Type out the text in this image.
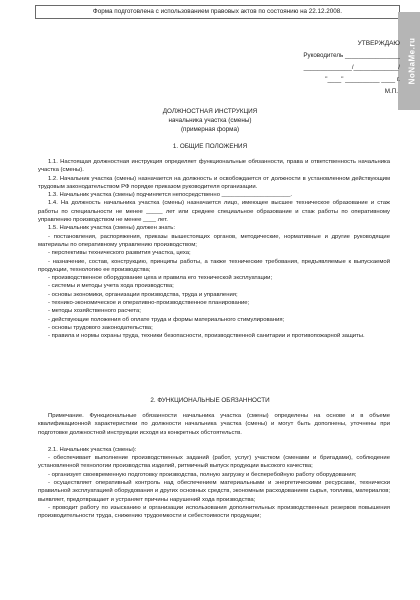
Форма подготовлена с использованием правовых актов по состоянию на 22.12.2008.
NoNaMe.ru
УТВЕРЖДАЮ
Руководитель ________________
______________/_____________/
"____" __________ ____ г.
М.П.
ДОЛЖНОСТНАЯ ИНСТРУКЦИЯ
начальника участка (смены)
(примерная форма)
1. ОБЩИЕ ПОЛОЖЕНИЯ

1.1. Настоящая должностная инструкция определяет функциональные обязанности, права и ответственность начальника участка (смены).

1.2. Начальник участка (смены) назначается на должность и освобождается от должности в установленном действующим трудовым законодательством РФ порядке приказом руководителя организации.

1.3. Начальник участка (смены) подчиняется непосредственно _____________________.

1.4. На должность начальника участка (смены) назначается лицо, имеющее высшее техническое образование и стаж работы по специальности не менее _____ лет или среднее специальное образование и стаж работы по оперативному управлению производством не менее ____ лет.

1.5. Начальник участка (смены) должен знать:

- постановления, распоряжения, приказы вышестоящих органов, методические, нормативные и другие руководящие материалы по оперативному управлению производством;

- перспективы технического развития участка, цеха;

- назначение, состав, конструкцию, принципы работы, а также технические требования, предъявляемые к выпускаемой продукции, технологию ее производства;

- производственное оборудование цеха и правила его технической эксплуатации;

- системы и методы учета хода производства;

- основы экономики, организации производства, труда и управления;

- технико-экономическое и оперативно-производственное планирование;

- методы хозяйственного расчета;

- действующие положения об оплате труда и формы материального стимулирования;

- основы трудового законодательства;

- правила и нормы охраны труда, техники безопасности, производственной санитарии и противопожарной защиты.

2. ФУНКЦИОНАЛЬНЫЕ ОБЯЗАННОСТИ

Примечание. Функциональные обязанности начальника участка (смены) определены на основе и в объеме квалификационной характеристики по должности начальника участка (смены) и могут быть дополнены, уточнены при подготовке должностной инструкции исходя из конкретных обстоятельств.

2.1. Начальник участка (смены):

- обеспечивает выполнение производственных заданий (работ, услуг) участком (сменами и бригадами), соблюдение установленной технологии производства изделий, ритмичный выпуск продукции высокого качества;

- организует своевременную подготовку производства, полную загрузку и бесперебойную работу оборудования;

- осуществляет оперативный контроль над обеспечением материальными и энергетическими ресурсами, технически правильной эксплуатацией оборудования и других основных средств, экономным расходованием сырья, топлива, материалов; выявляет, предотвращает и устраняет причины нарушений хода производства;

- проводит работу по изысканию и организации использования дополнительных производственных резервов повышения производительности труда, снижению трудоемкости и себестоимости продукции;
